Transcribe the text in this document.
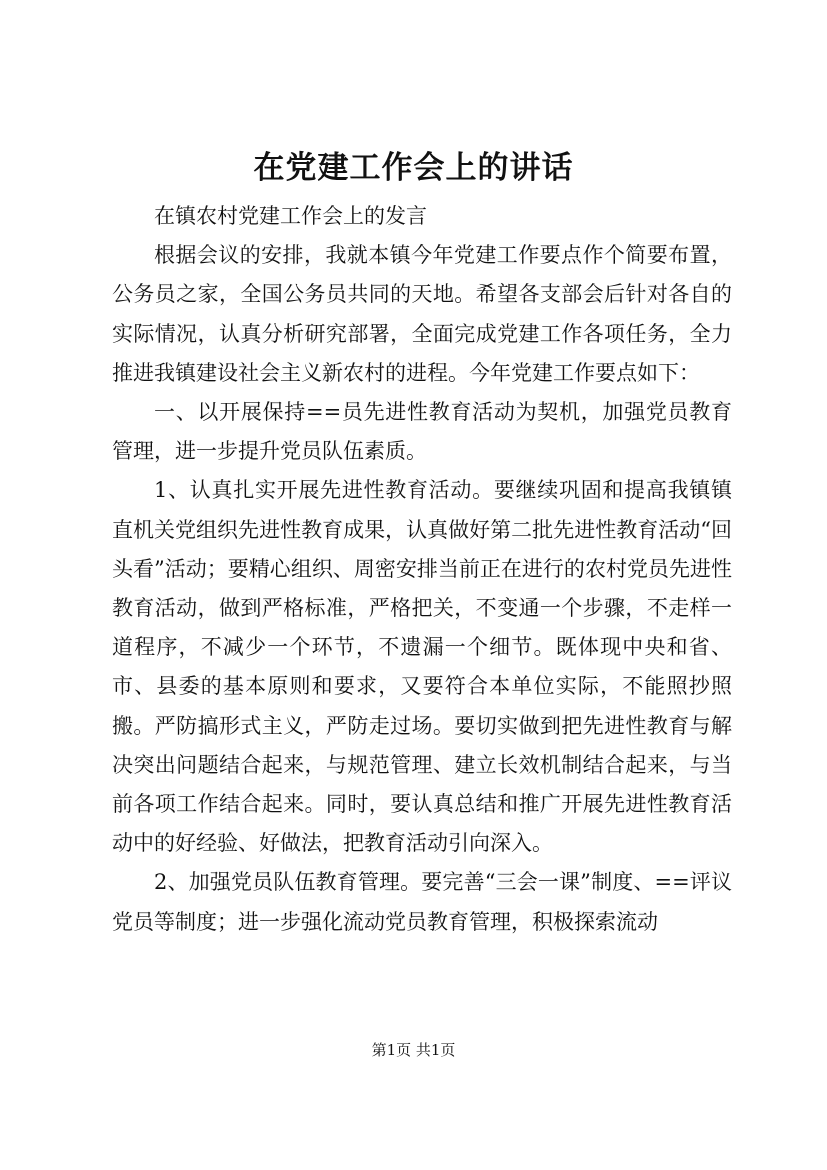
在党建工作会上的讲话

在镇农村党建工作会上的发言

根据会议的安排，我就本镇今年党建工作要点作个简要布置，公务员之家，全国公务员共同的天地。希望各支部会后针对各自的实际情况，认真分析研究部署，全面完成党建工作各项任务，全力推进我镇建设社会主义新农村的进程。今年党建工作要点如下：

一、以开展保持==员先进性教育活动为契机，加强党员教育管理，进一步提升党员队伍素质。

1、认真扎实开展先进性教育活动。要继续巩固和提高我镇镇直机关党组织先进性教育成果，认真做好第二批先进性教育活动“回头看”活动；要精心组织、周密安排当前正在进行的农村党员先进性教育活动，做到严格标准，严格把关，不变通一个步骤，不走样一道程序，不减少一个环节，不遗漏一个细节。既体现中央和省、市、县委的基本原则和要求，又要符合本单位实际，不能照抄照搬。严防搞形式主义，严防走过场。要切实做到把先进性教育与解决突出问题结合起来，与规范管理、建立长效机制结合起来，与当前各项工作结合起来。同时，要认真总结和推广开展先进性教育活动中的好经验、好做法，把教育活动引向深入。

2、加强党员队伍教育管理。要完善“三会一课”制度、==评议党员等制度；进一步强化流动党员教育管理，积极探索流动

第1页 共1页
